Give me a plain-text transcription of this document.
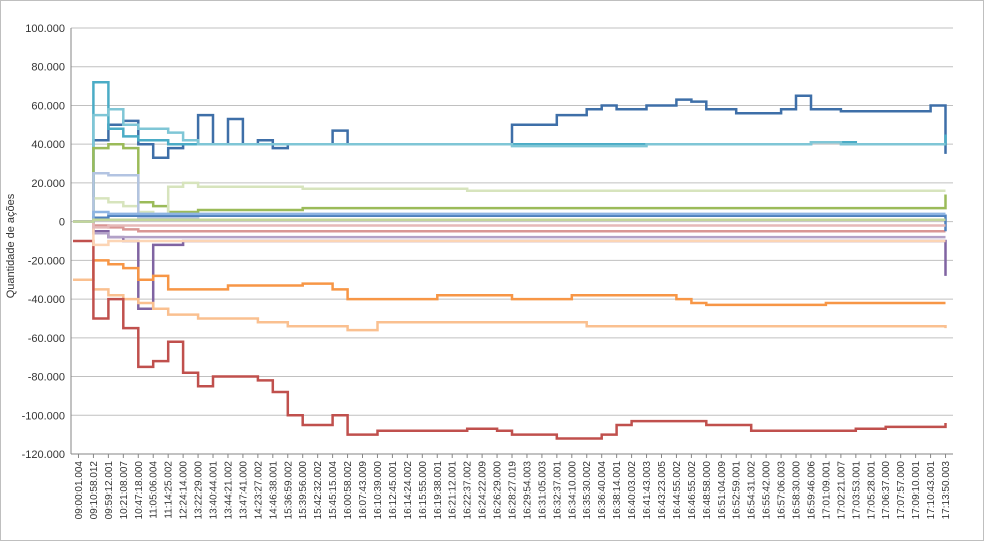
100.000
80.000
60.000
40.000
20.000
0
-20.000
-40.000
-60.000
-80.000
-100.000
-120.000
09:00:01.004 09:10:58.012 09:59:12.001 10:21:08.007 10:47:18.000 11:05:06.004 11:14:25.002 12:24:14.000 13:22:29.000 13:40:44.001 13:44:21.002 13:47:41.000 14:23:27.002 14:46:38.001 15:36:59.002 15:39:56.000 15:42:32.002 15:45:15.004 16:00:58.002 16:07:43.009 16:10:39.000 16:12:45.001 16:14:24.002 16:15:55.000 16:19:38.001 16:21:12.001 16:22:37.002 16:24:22.009 16:26:29.000 16:28:27.019 16:29:54.003 16:31:05.003 16:32:37.001 16:34:10.000 16:35:30.002 16:36:40.004 16:38:14.001 16:40:03.002 16:41:43.003 16:43:23.005 16:44:55.002 16:46:55.002 16:48:58.000 16:51:04.009 16:52:59.001 16:54:31.002 16:55:42.000 16:57:06.003 16:58:30.000 16:59:46.006 17:01:09.001 17:02:21.007 17:03:53.001 17:05:28.001 17:06:37.000 17:07:57.000 17:09:10.001 17:10:43.001 17:13:50.003
Quantidade de ações
